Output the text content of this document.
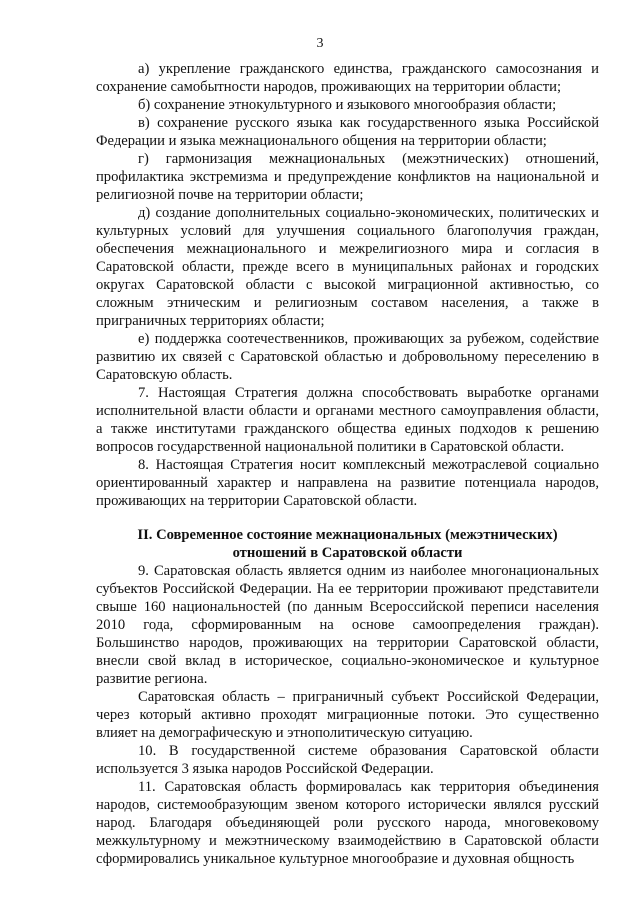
3

а) укрепление гражданского единства, гражданского самосознания и сохранение самобытности народов, проживающих на территории области;

б) сохранение этнокультурного и языкового многообразия области;

в) сохранение русского языка как государственного языка Российской Федерации и языка межнационального общения на территории области;

г) гармонизация межнациональных (межэтнических) отношений, профилактика экстремизма и предупреждение конфликтов на национальной и религиозной почве на территории области;

д) создание дополнительных социально-экономических, политических и культурных условий для улучшения социального благополучия граждан, обеспечения межнационального и межрелигиозного мира и согласия в Саратовской области, прежде всего в муниципальных районах и городских округах Саратовской области с высокой миграционной активностью, со сложным этническим и религиозным составом населения, а также в приграничных территориях области;

е) поддержка соотечественников, проживающих за рубежом, содействие развитию их связей с Саратовской областью и добровольному переселению в Саратовскую область.

7. Настоящая Стратегия должна способствовать выработке органами исполнительной власти области и органами местного самоуправления области, а также институтами гражданского общества единых подходов к решению вопросов государственной национальной политики в Саратовской области.

8. Настоящая Стратегия носит комплексный межотраслевой социально ориентированный характер и направлена на развитие потенциала народов, проживающих на территории Саратовской области.

II. Современное состояние межнациональных (межэтнических)
отношений в Саратовской области

9. Саратовская область является одним из наиболее многонациональных субъектов Российской Федерации. На ее территории проживают представители свыше 160 национальностей (по данным Всероссийской переписи населения 2010 года, сформированным на основе самоопределения граждан). Большинство народов, проживающих на территории Саратовской области, внесли свой вклад в историческое, социально-экономическое и культурное развитие региона.

Саратовская область – приграничный субъект Российской Федерации, через который активно проходят миграционные потоки. Это существенно влияет на демографическую и этнополитическую ситуацию.

10. В государственной системе образования Саратовской области используется 3 языка народов Российской Федерации.

11. Саратовская область формировалась как территория объединения народов, системообразующим звеном которого исторически являлся русский народ. Благодаря объединяющей роли русского народа, многовековому межкультурному и межэтническому взаимодействию в Саратовской области сформировались уникальное культурное многообразие и духовная общность
